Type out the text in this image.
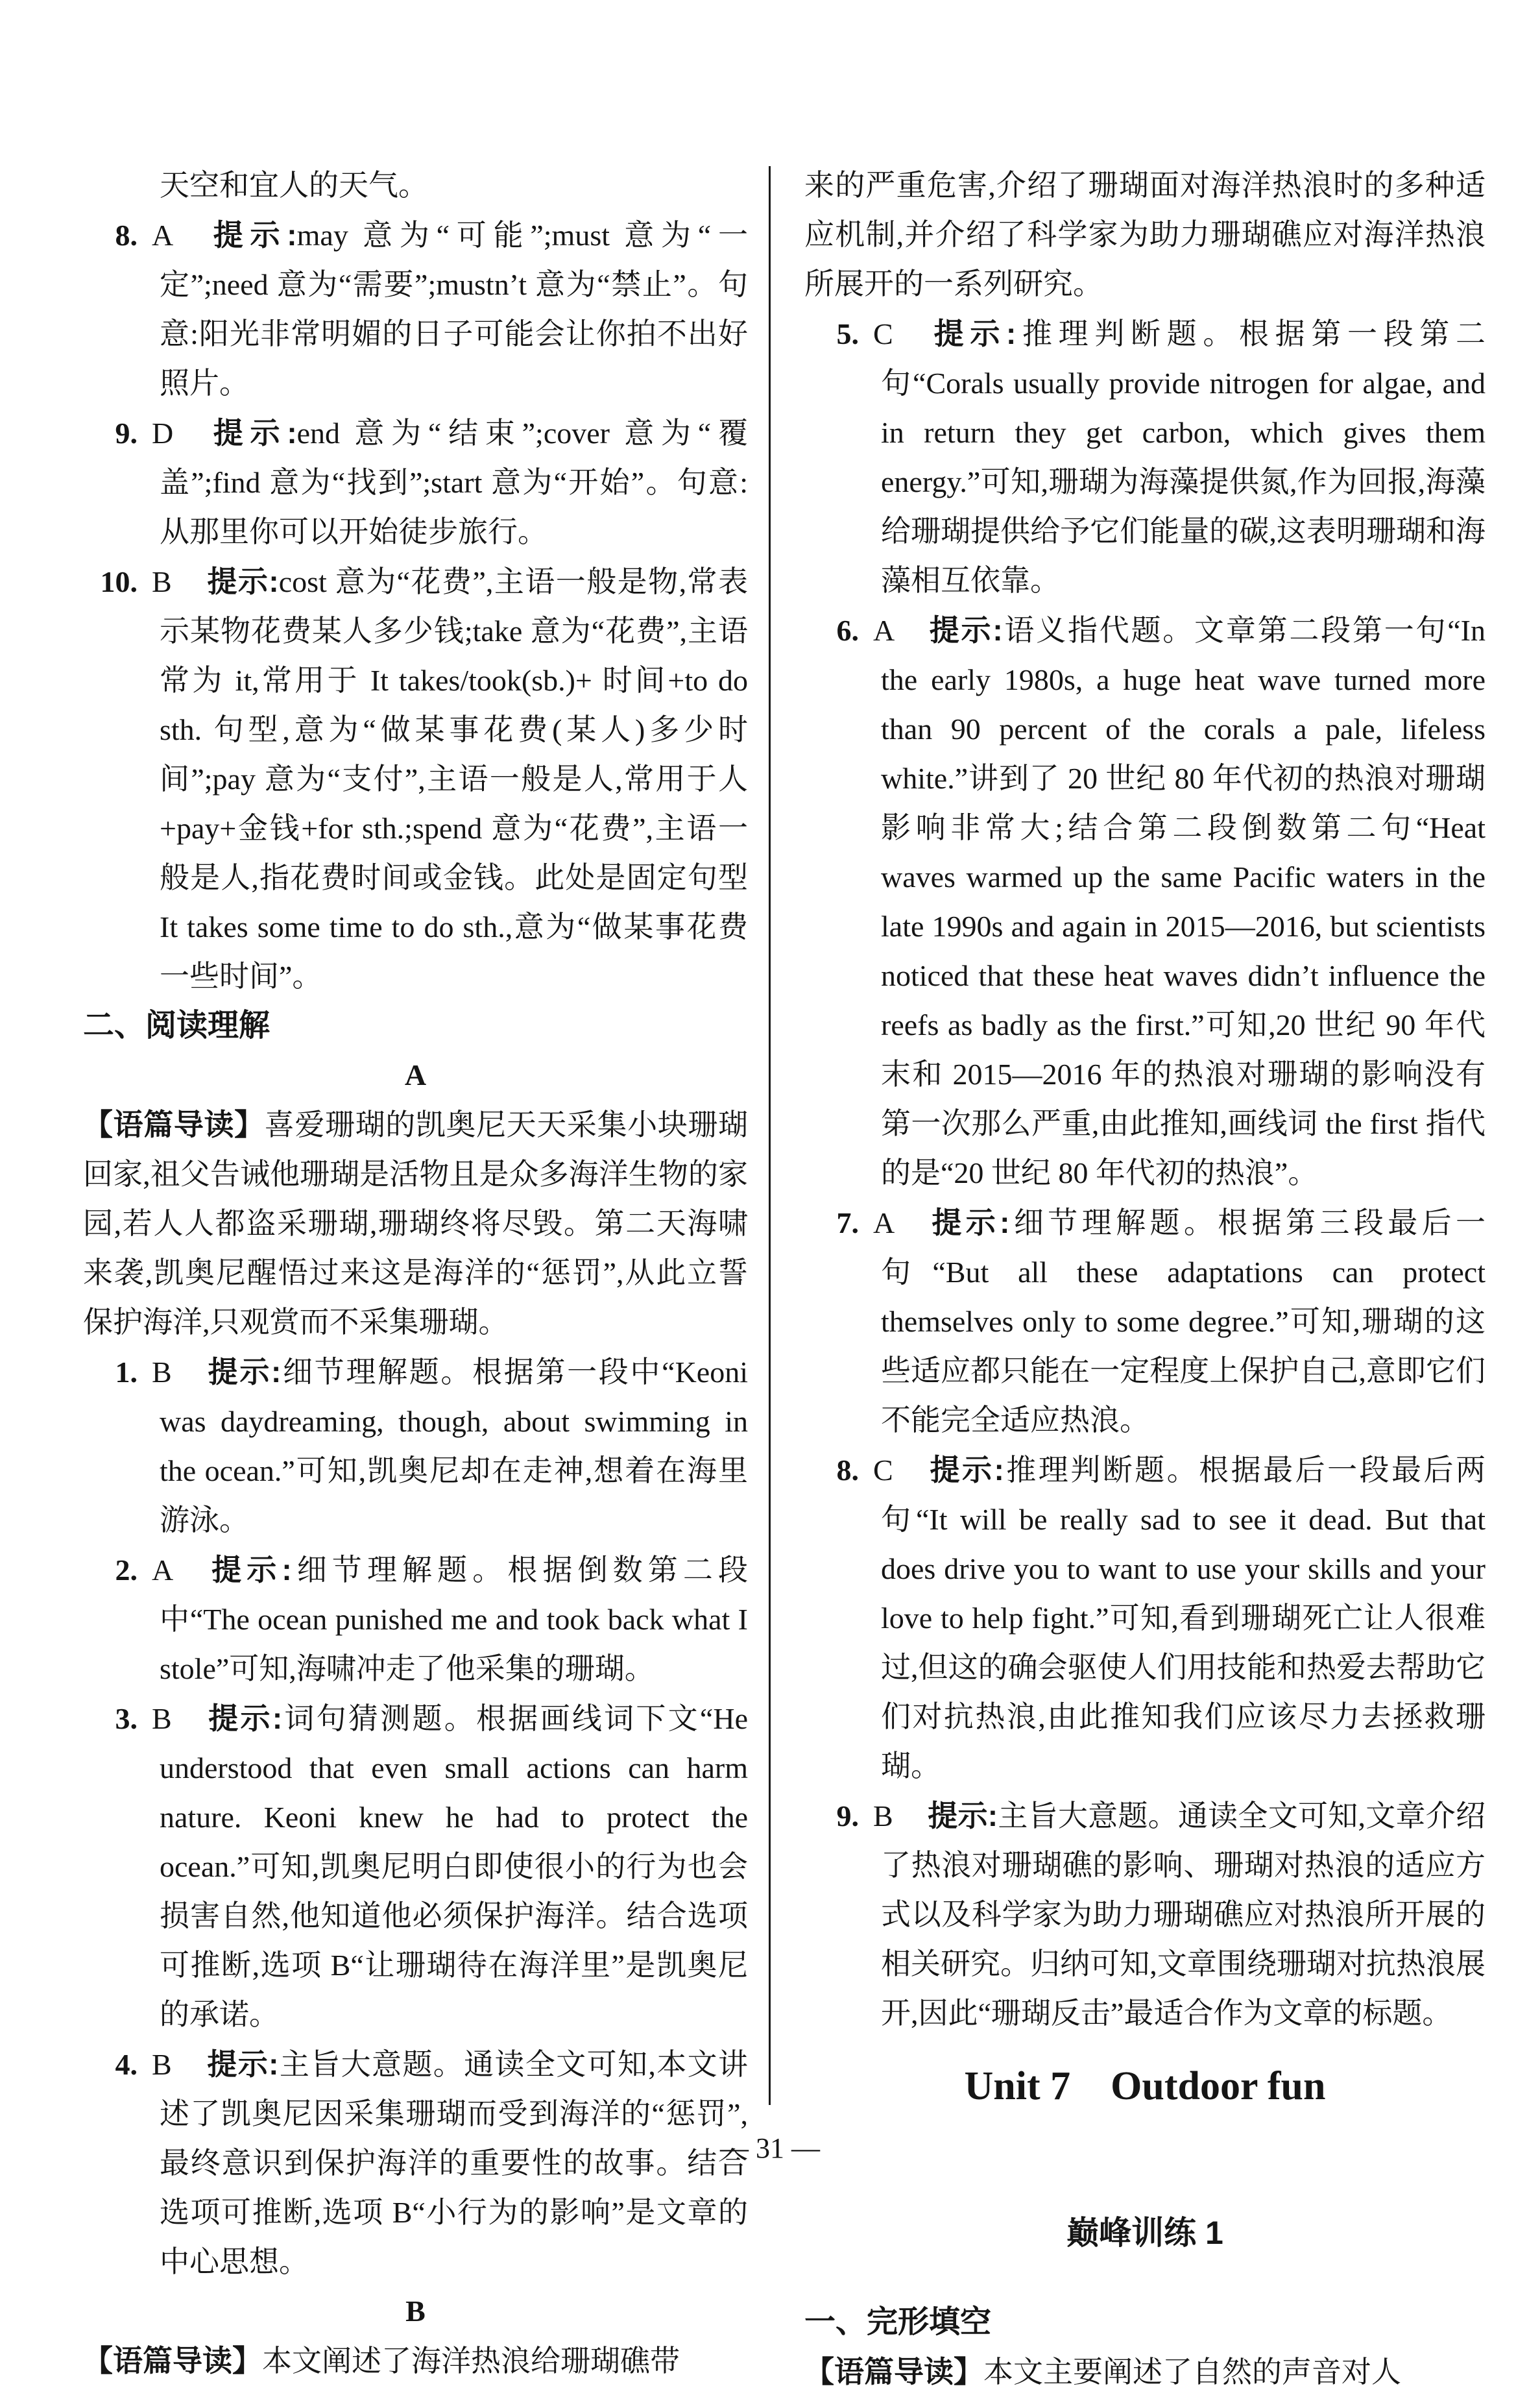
天空和宜人的天气。

8. A 提示:may 意为“可能”;must 意为“一定”;need 意为“需要”;mustn’t 意为“禁止”。句意:阳光非常明媚的日子可能会让你拍不出好照片。

9. D 提示:end 意为“结束”;cover 意为“覆盖”;find 意为“找到”;start 意为“开始”。句意:从那里你可以开始徒步旅行。

10. B 提示:cost 意为“花费”,主语一般是物,常表示某物花费某人多少钱;take 意为“花费”,主语常为 it,常用于 It takes/took(sb.)+ 时间+to do sth. 句型,意为“做某事花费(某人)多少时间”;pay 意为“支付”,主语一般是人,常用于人+pay+金钱+for sth.;spend 意为“花费”,主语一般是人,指花费时间或金钱。此处是固定句型 It takes some time to do sth.,意为“做某事花费一些时间”。

二、阅读理解

A

【语篇导读】喜爱珊瑚的凯奥尼天天采集小块珊瑚回家,祖父告诫他珊瑚是活物且是众多海洋生物的家园,若人人都盗采珊瑚,珊瑚终将尽毁。第二天海啸来袭,凯奥尼醒悟过来这是海洋的“惩罚”,从此立誓保护海洋,只观赏而不采集珊瑚。

1. B 提示:细节理解题。根据第一段中“Keoni was daydreaming, though, about swimming in the ocean.”可知,凯奥尼却在走神,想着在海里游泳。

2. A 提示:细节理解题。根据倒数第二段中“The ocean punished me and took back what I stole”可知,海啸冲走了他采集的珊瑚。

3. B 提示:词句猜测题。根据画线词下文“He understood that even small actions can harm nature. Keoni knew he had to protect the ocean.”可知,凯奥尼明白即使很小的行为也会损害自然,他知道他必须保护海洋。结合选项可推断,选项 B“让珊瑚待在海洋里”是凯奥尼的承诺。

4. B 提示:主旨大意题。通读全文可知,本文讲述了凯奥尼因采集珊瑚而受到海洋的“惩罚”,最终意识到保护海洋的重要性的故事。结合选项可推断,选项 B“小行为的影响”是文章的中心思想。

B

【语篇导读】本文阐述了海洋热浪给珊瑚礁带

来的严重危害,介绍了珊瑚面对海洋热浪时的多种适应机制,并介绍了科学家为助力珊瑚礁应对海洋热浪所展开的一系列研究。

5. C 提示:推理判断题。根据第一段第二句“Corals usually provide nitrogen for algae, and in return they get carbon, which gives them energy.”可知,珊瑚为海藻提供氮,作为回报,海藻给珊瑚提供给予它们能量的碳,这表明珊瑚和海藻相互依靠。

6. A 提示:语义指代题。文章第二段第一句“In the early 1980s, a huge heat wave turned more than 90 percent of the corals a pale, lifeless white.”讲到了 20 世纪 80 年代初的热浪对珊瑚影响非常大;结合第二段倒数第二句“Heat waves warmed up the same Pacific waters in the late 1990s and again in 2015—2016, but scientists noticed that these heat waves didn’t influence the reefs as badly as the first.”可知,20 世纪 90 年代末和 2015—2016 年的热浪对珊瑚的影响没有第一次那么严重,由此推知,画线词 the first 指代的是“20 世纪 80 年代初的热浪”。

7. A 提示:细节理解题。根据第三段最后一句“But all these adaptations can protect themselves only to some degree.”可知,珊瑚的这些适应都只能在一定程度上保护自己,意即它们不能完全适应热浪。

8. C 提示:推理判断题。根据最后一段最后两句“It will be really sad to see it dead. But that does drive you to want to use your skills and your love to help fight.”可知,看到珊瑚死亡让人很难过,但这的确会驱使人们用技能和热爱去帮助它们对抗热浪,由此推知我们应该尽力去拯救珊瑚。

9. B 提示:主旨大意题。通读全文可知,文章介绍了热浪对珊瑚礁的影响、珊瑚对热浪的适应方式以及科学家为助力珊瑚礁应对热浪所开展的相关研究。归纳可知,文章围绕珊瑚对抗热浪展开,因此“珊瑚反击”最适合作为文章的标题。

Unit 7　Outdoor fun

巅峰训练 1

一、完形填空

【语篇导读】本文主要阐述了自然的声音对人

— 31 —
